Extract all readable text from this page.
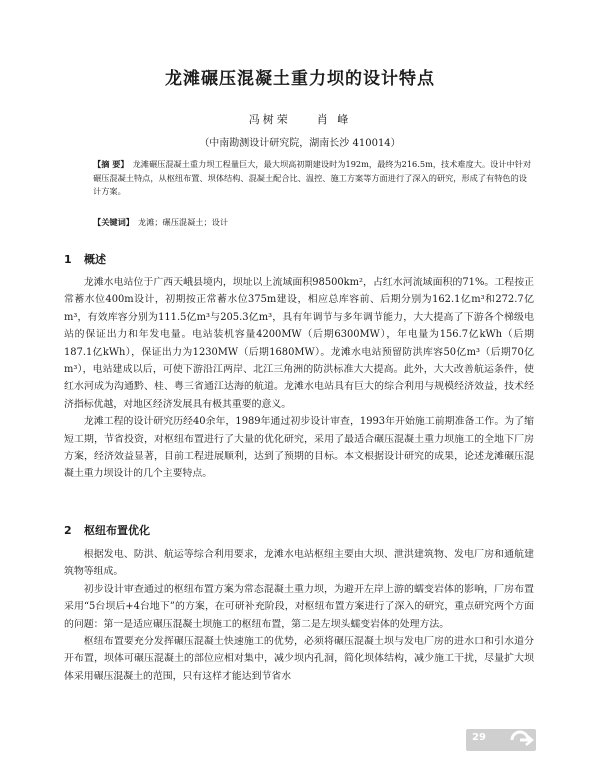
龙滩碾压混凝土重力坝的设计特点
冯树荣 肖 峰
（中南勘测设计研究院，湖南长沙 410014）
【摘 要】 龙滩碾压混凝土重力坝工程量巨大，最大坝高初期建设时为192m，最终为216.5m，技术难度大。设计中针对碾压混凝土特点，从枢纽布置、坝体结构、混凝土配合比、温控、施工方案等方面进行了深入的研究，形成了有特色的设计方案。
【关键词】 龙滩；碾压混凝土；设计
1 概述

龙滩水电站位于广西天峨县境内，坝址以上流域面积98500km²，占红水河流域面积的71%。工程按正常蓄水位400m设计，初期按正常蓄水位375m建设，相应总库容前、后期分别为162.1亿m³和272.7亿m³，有效库容分别为111.5亿m³与205.3亿m³，具有年调节与多年调节能力，大大提高了下游各个梯级电站的保证出力和年发电量。电站装机容量4200MW（后期6300MW），年电量为156.7亿kWh（后期187.1亿kWh），保证出力为1230MW（后期1680MW）。龙滩水电站预留防洪库容50亿m³（后期70亿m³），电站建成以后，可使下游沿江两岸、北江三角洲的防洪标准大大提高。此外，大大改善航运条件，使红水河成为沟通黔、桂、粤三省通江达海的航道。龙滩水电站具有巨大的综合利用与规模经济效益，技术经济指标优越，对地区经济发展具有极其重要的意义。

龙滩工程的设计研究历经40余年，1989年通过初步设计审查，1993年开始施工前期准备工作。为了缩短工期，节省投资，对枢纽布置进行了大量的优化研究，采用了最适合碾压混凝土重力坝施工的全地下厂房方案，经济效益显著，目前工程进展顺利，达到了预期的目标。本文根据设计研究的成果，论述龙滩碾压混凝土重力坝设计的几个主要特点。

2 枢纽布置优化

根据发电、防洪、航运等综合利用要求，龙滩水电站枢纽主要由大坝、泄洪建筑物、发电厂房和通航建筑物等组成。

初步设计审查通过的枢纽布置方案为常态混凝土重力坝，为避开左岸上游的蠕变岩体的影响，厂房布置采用“5台坝后+4台地下”的方案，在可研补充阶段，对枢纽布置方案进行了深入的研究，重点研究两个方面的问题：第一是适应碾压混凝土坝施工的枢纽布置，第二是左坝头蠕变岩体的处理方法。

枢纽布置要充分发挥碾压混凝土快速施工的优势，必须将碾压混凝土坝与发电厂房的进水口和引水道分开布置，坝体可碾压混凝土的部位应相对集中，减少坝内孔洞，简化坝体结构，减少施工干扰，尽量扩大坝体采用碾压混凝土的范围，只有这样才能达到节省水

29
